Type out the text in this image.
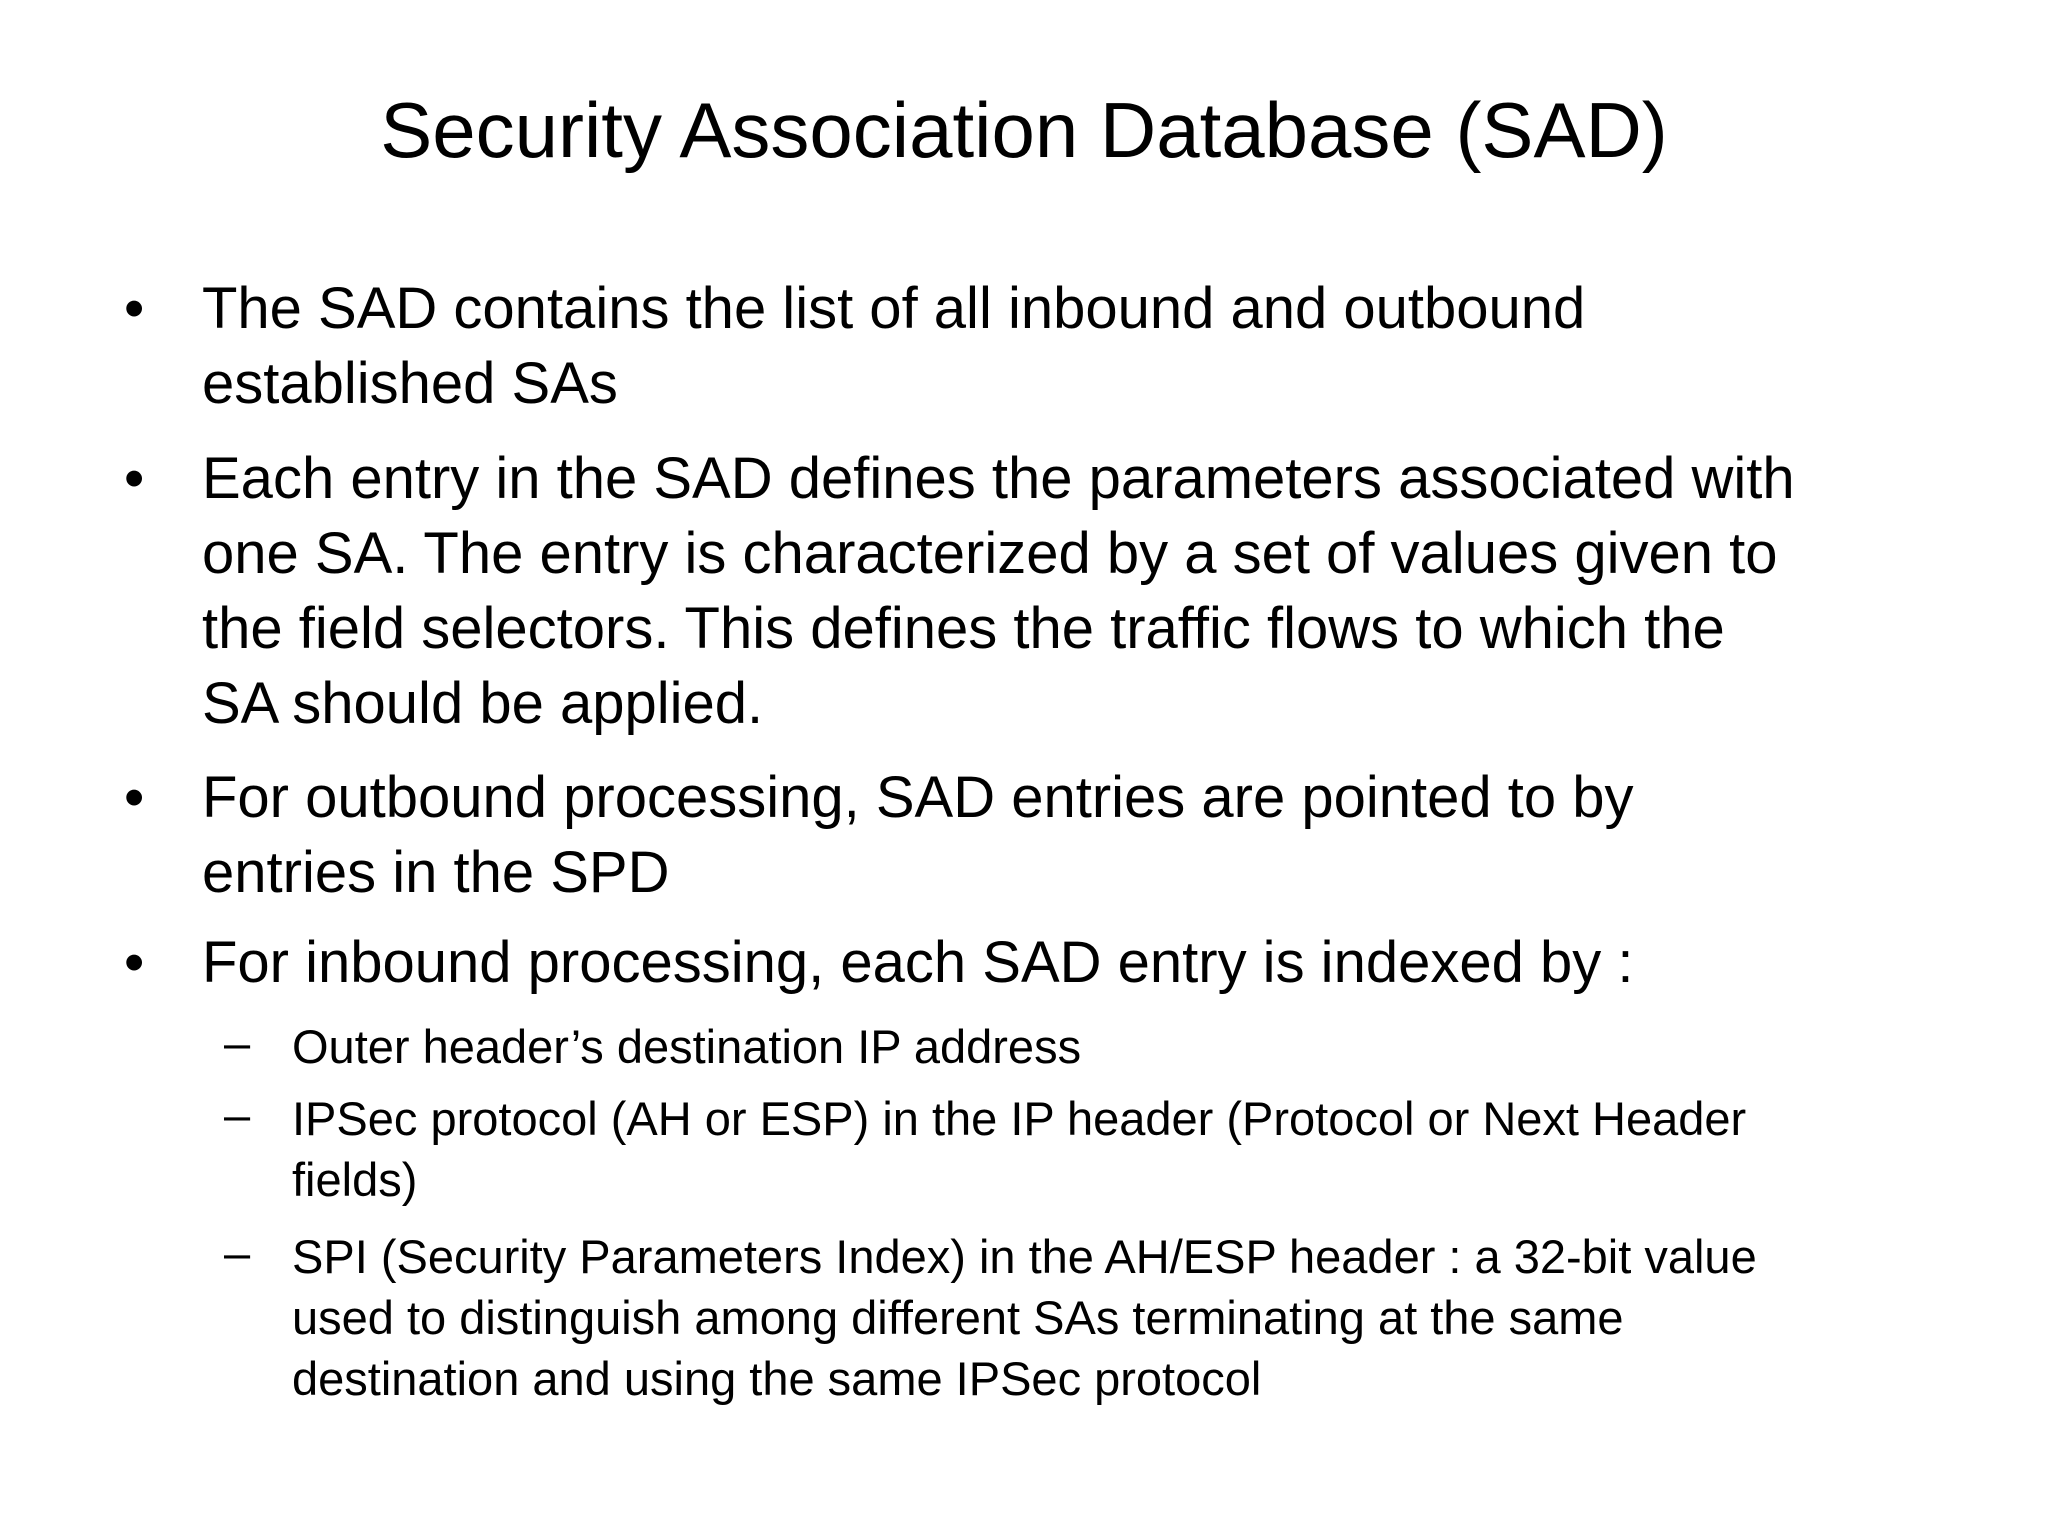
Security Association Database (SAD)
• The SAD contains the list of all inbound and outbound
established SAs
• Each entry in the SAD defines the parameters associated with
one SA. The entry is characterized by a set of values given to
the field selectors. This defines the traffic flows to which the
SA should be applied.
• For outbound processing, SAD entries are pointed to by
entries in the SPD
• For inbound processing, each SAD entry is indexed by :
– Outer header’s destination IP address
– IPSec protocol (AH or ESP) in the IP header (Protocol or Next Header
fields)
– SPI (Security Parameters Index) in the AH/ESP header : a 32-bit value
used to distinguish among different SAs terminating at the same
destination and using the same IPSec protocol
